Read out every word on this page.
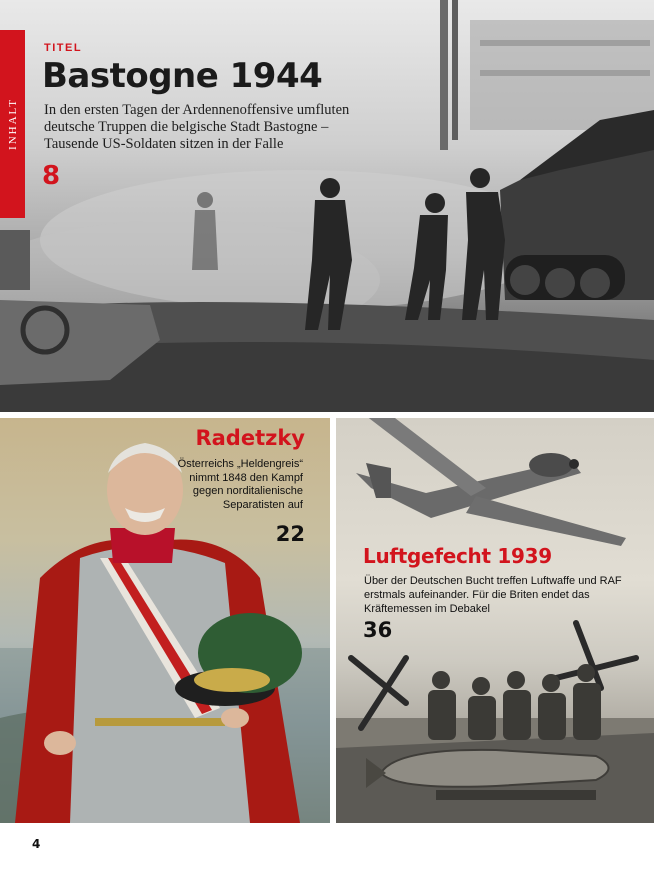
INHALT
TITEL
Bastogne 1944

In den ersten Tagen der Ardennenoffensive umfluten deutsche Truppen die belgische Stadt Bastogne – Tausende US-Soldaten sitzen in der Falle

8
Radetzky

Österreichs „Heldengreis“ nimmt 1848 den Kampf gegen norditalienische Separatisten auf

22
Luftgefecht 1939

Über der Deutschen Bucht treffen Luftwaffe und RAF erstmals aufeinander. Für die Briten endet das Kräftemessen im Debakel

36
4
